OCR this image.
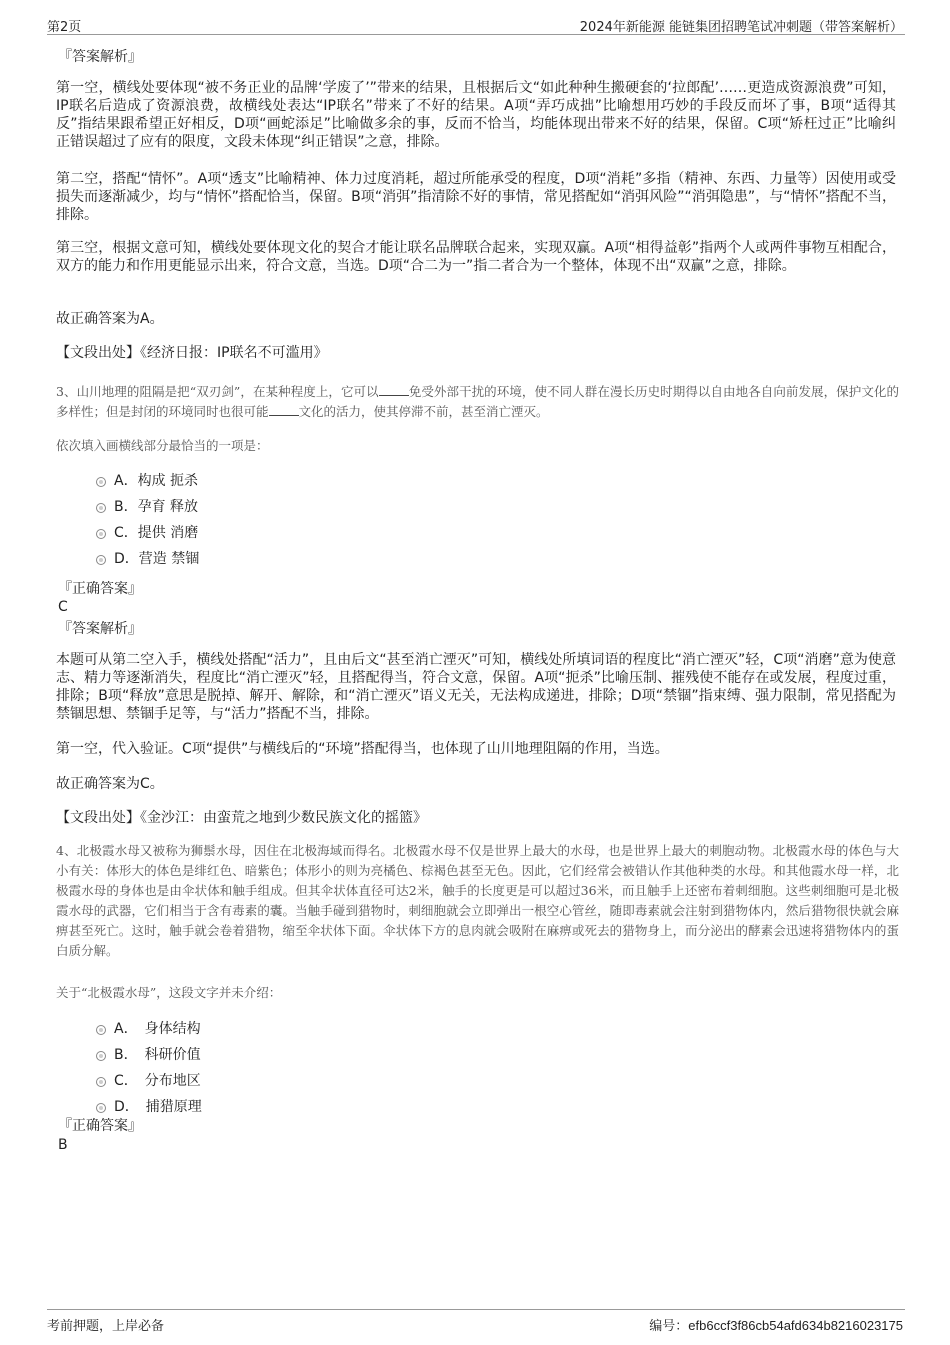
第2页	2024年新能源 能链集团招聘笔试冲刺题（带答案解析）
『答案解析』

第一空，横线处要体现“被不务正业的品牌‘学废了’”带来的结果，且根据后文“如此种种生搬硬套的‘拉郎配’……更造成资源浪费”可知，IP联名后造成了资源浪费，故横线处表达“IP联名”带来了不好的结果。A项“弄巧成拙”比喻想用巧妙的手段反而坏了事，B项“适得其反”指结果跟希望正好相反，D项“画蛇添足”比喻做多余的事，反而不恰当，均能体现出带来不好的结果，保留。C项“矫枉过正”比喻纠正错误超过了应有的限度，文段未体现“纠正错误”之意，排除。

第二空，搭配“情怀”。A项“透支”比喻精神、体力过度消耗，超过所能承受的程度，D项“消耗”多指（精神、东西、力量等）因使用或受损失而逐渐减少，均与“情怀”搭配恰当，保留。B项“消弭”指清除不好的事情，常见搭配如“消弭风险”“消弭隐患”，与“情怀”搭配不当，排除。

第三空，根据文意可知，横线处要体现文化的契合才能让联名品牌联合起来，实现双赢。A项“相得益彰”指两个人或两件事物互相配合，双方的能力和作用更能显示出来，符合文意，当选。D项“合二为一”指二者合为一个整体，体现不出“双赢”之意，排除。

故正确答案为A。

【文段出处】《经济日报：IP联名不可滥用》

3、山川地理的阻隔是把“双刃剑”，在某种程度上，它可以 免受外部干扰的环境，使不同人群在漫长历史时期得以自由地各自向前发展，保护文化的多样性；但是封闭的环境同时也很可能 文化的活力，使其停滞不前，甚至消亡湮灭。

依次填入画横线部分最恰当的一项是：

A．构成 扼杀
B．孕育 释放
C．提供 消磨
D．营造 禁锢
『正确答案』
C
『答案解析』

本题可从第二空入手，横线处搭配“活力”，且由后文“甚至消亡湮灭”可知，横线处所填词语的程度比“消亡湮灭”轻，C项“消磨”意为使意志、精力等逐渐消失，程度比“消亡湮灭”轻，且搭配得当，符合文意，保留。A项“扼杀”比喻压制、摧残使不能存在或发展，程度过重，排除；B项“释放”意思是脱掉、解开、解除，和“消亡湮灭”语义无关，无法构成递进，排除；D项“禁锢”指束缚、强力限制，常见搭配为禁锢思想、禁锢手足等，与“活力”搭配不当，排除。

第一空，代入验证。C项“提供”与横线后的“环境”搭配得当，也体现了山川地理阻隔的作用，当选。

故正确答案为C。

【文段出处】《金沙江：由蛮荒之地到少数民族文化的摇篮》

4、北极霞水母又被称为狮鬃水母，因住在北极海域而得名。北极霞水母不仅是世界上最大的水母，也是世界上最大的刺胞动物。北极霞水母的体色与大小有关：体形大的体色是绯红色、暗紫色；体形小的则为亮橘色、棕褐色甚至无色。因此，它们经常会被错认作其他种类的水母。和其他霞水母一样，北极霞水母的身体也是由伞状体和触手组成。但其伞状体直径可达2米，触手的长度更是可以超过36米，而且触手上还密布着刺细胞。这些刺细胞可是北极霞水母的武器，它们相当于含有毒素的囊。当触手碰到猎物时，刺细胞就会立即弹出一根空心管丝，随即毒素就会注射到猎物体内，然后猎物很快就会麻痹甚至死亡。这时，触手就会卷着猎物，缩至伞状体下面。伞状体下方的息肉就会吸附在麻痹或死去的猎物身上，而分泌出的酵素会迅速将猎物体内的蛋白质分解。

关于“北极霞水母”，这段文字并未介绍：

A．　身体结构
B．　科研价值
C．　分布地区
D．　捕猎原理
『正确答案』
B
考前押题，上岸必备	编号：efb6ccf3f86cb54afd634b8216023175
